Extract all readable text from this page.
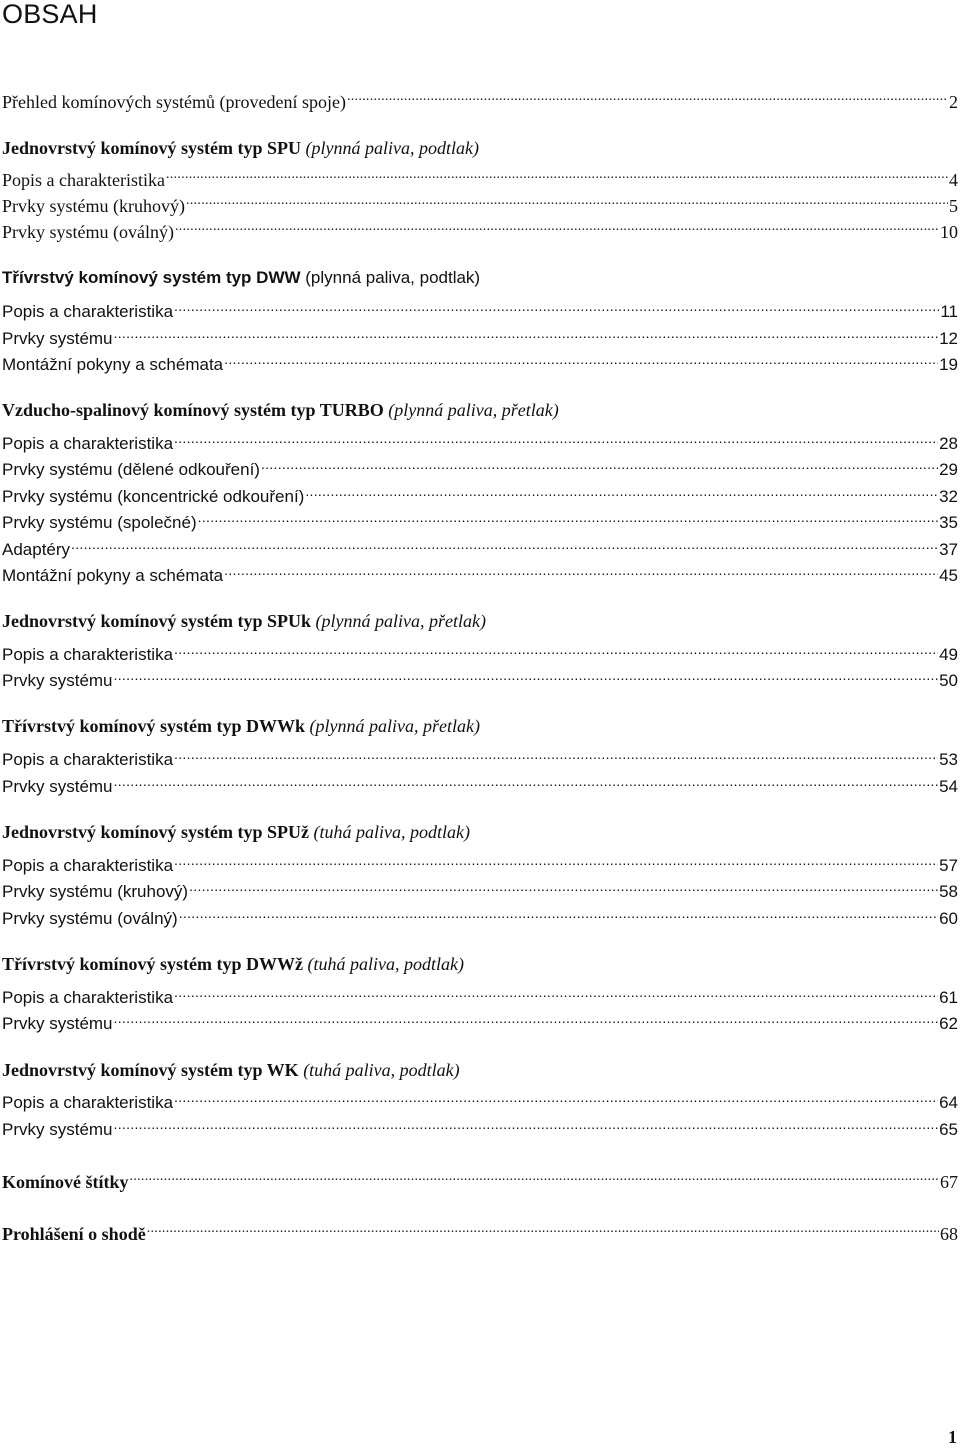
OBSAH
Přehled komínových systémů (provedení spoje) .....	2
Jednovrstvý komínový systém typ SPU (plynná paliva, podtlak)
Popis a charakteristika .....	4
Prvky systému (kruhový) .....	5
Prvky systému (oválný) .....	10
Třívrstvý komínový systém typ DWW (plynná paliva, podtlak)
Popis a charakteristika .....	11
Prvky systému .....	12
Montážní pokyny a schémata .....	19
Vzducho-spalinový komínový systém typ TURBO (plynná paliva, přetlak)
Popis a charakteristika .....	28
Prvky systému (dělené odkouření) .....	29
Prvky systému (koncentrické odkouření) .....	32
Prvky systému (společné) .....	35
Adaptéry .....	37
Montážní pokyny a schémata .....	45
Jednovrstvý komínový systém typ SPUk (plynná paliva, přetlak)
Popis a charakteristika .....	49
Prvky systému .....	50
Třívrstvý komínový systém typ DWWk (plynná paliva, přetlak)
Popis a charakteristika .....	53
Prvky systému .....	54
Jednovrstvý komínový systém typ SPUž (tuhá paliva, podtlak)
Popis a charakteristika .....	57
Prvky systému (kruhový) .....	58
Prvky systému (oválný) .....	60
Třívrstvý komínový systém typ DWWž (tuhá paliva, podtlak)
Popis a charakteristika .....	61
Prvky systému .....	62
Jednovrstvý komínový systém typ WK (tuhá paliva, podtlak)
Popis a charakteristika .....	64
Prvky systému .....	65
Komínové štítky .....	67
Prohlášení o shodě .....	68
1
